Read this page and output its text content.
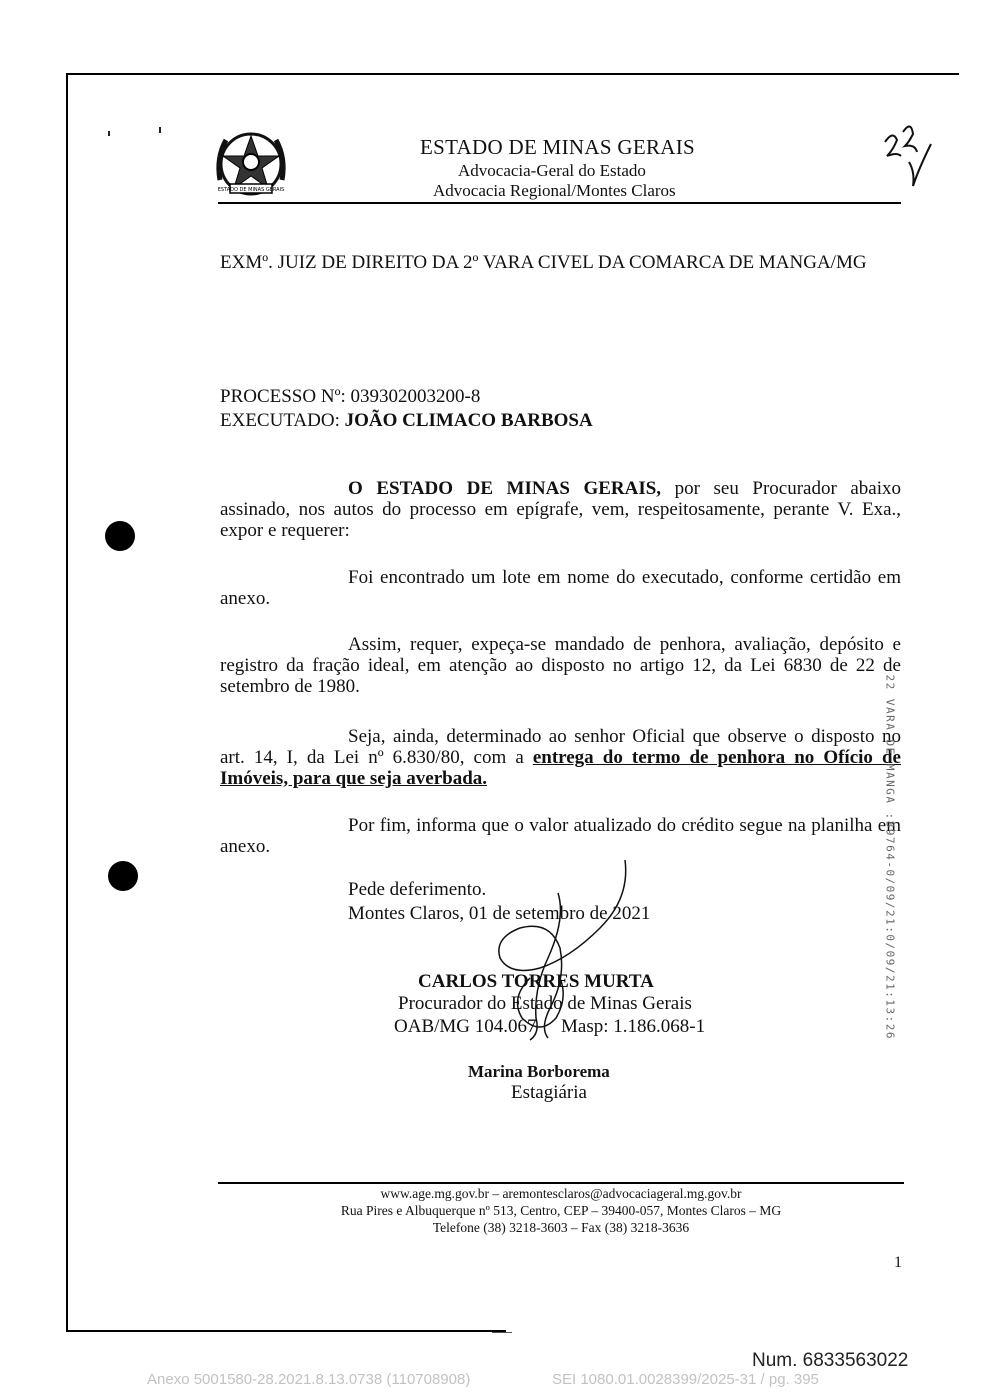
ESTADO DE MINAS GERAIS
ESTADO DE MINAS GERAIS
Advocacia-Geral do Estado
Advocacia Regional/Montes Claros
EXMº. JUIZ DE DIREITO DA 2º VARA CIVEL DA COMARCA DE MANGA/MG
PROCESSO Nº: 039302003200-8
EXECUTADO: JOÃO CLIMACO BARBOSA
O ESTADO DE MINAS GERAIS, por seu Procurador abaixo assinado, nos autos do processo em epígrafe, vem, respeitosamente, perante V. Exa., expor e requerer:
Foi encontrado um lote em nome do executado, conforme certidão em anexo.
Assim, requer, expeça-se mandado de penhora, avaliação, depósito e registro da fração ideal, em atenção ao disposto no artigo 12, da Lei 6830 de 22 de setembro de 1980.
Seja, ainda, determinado ao senhor Oficial que observe o disposto no art. 14, I, da Lei nº 6.830/80, com a entrega do termo de penhora no Ofício de Imóveis, para que seja averbada.
Por fim, informa que o valor atualizado do crédito segue na planilha em anexo.
Pede deferimento.
Montes Claros, 01 de setembro de 2021
CARLOS TORRES MURTA
Procurador do Estado de Minas Gerais
OAB/MG 104.067 Masp: 1.186.068-1
Marina Borborema
Estagiária
www.age.mg.gov.br – aremontesclaros@advocaciageral.mg.gov.br
Rua Pires e Albuquerque nº 513, Centro, CEP – 39400-057, Montes Claros – MG
Telefone (38) 3218-3603 – Fax (38) 3218-3636
22 VARA DE MANGA :89764-0/09/21:0/09/21:13:26
1
Num. 6833563022
Anexo 5001580-28.2021.8.13.0738 (110708908)	SEI 1080.01.0028399/2025-31 / pg. 395
